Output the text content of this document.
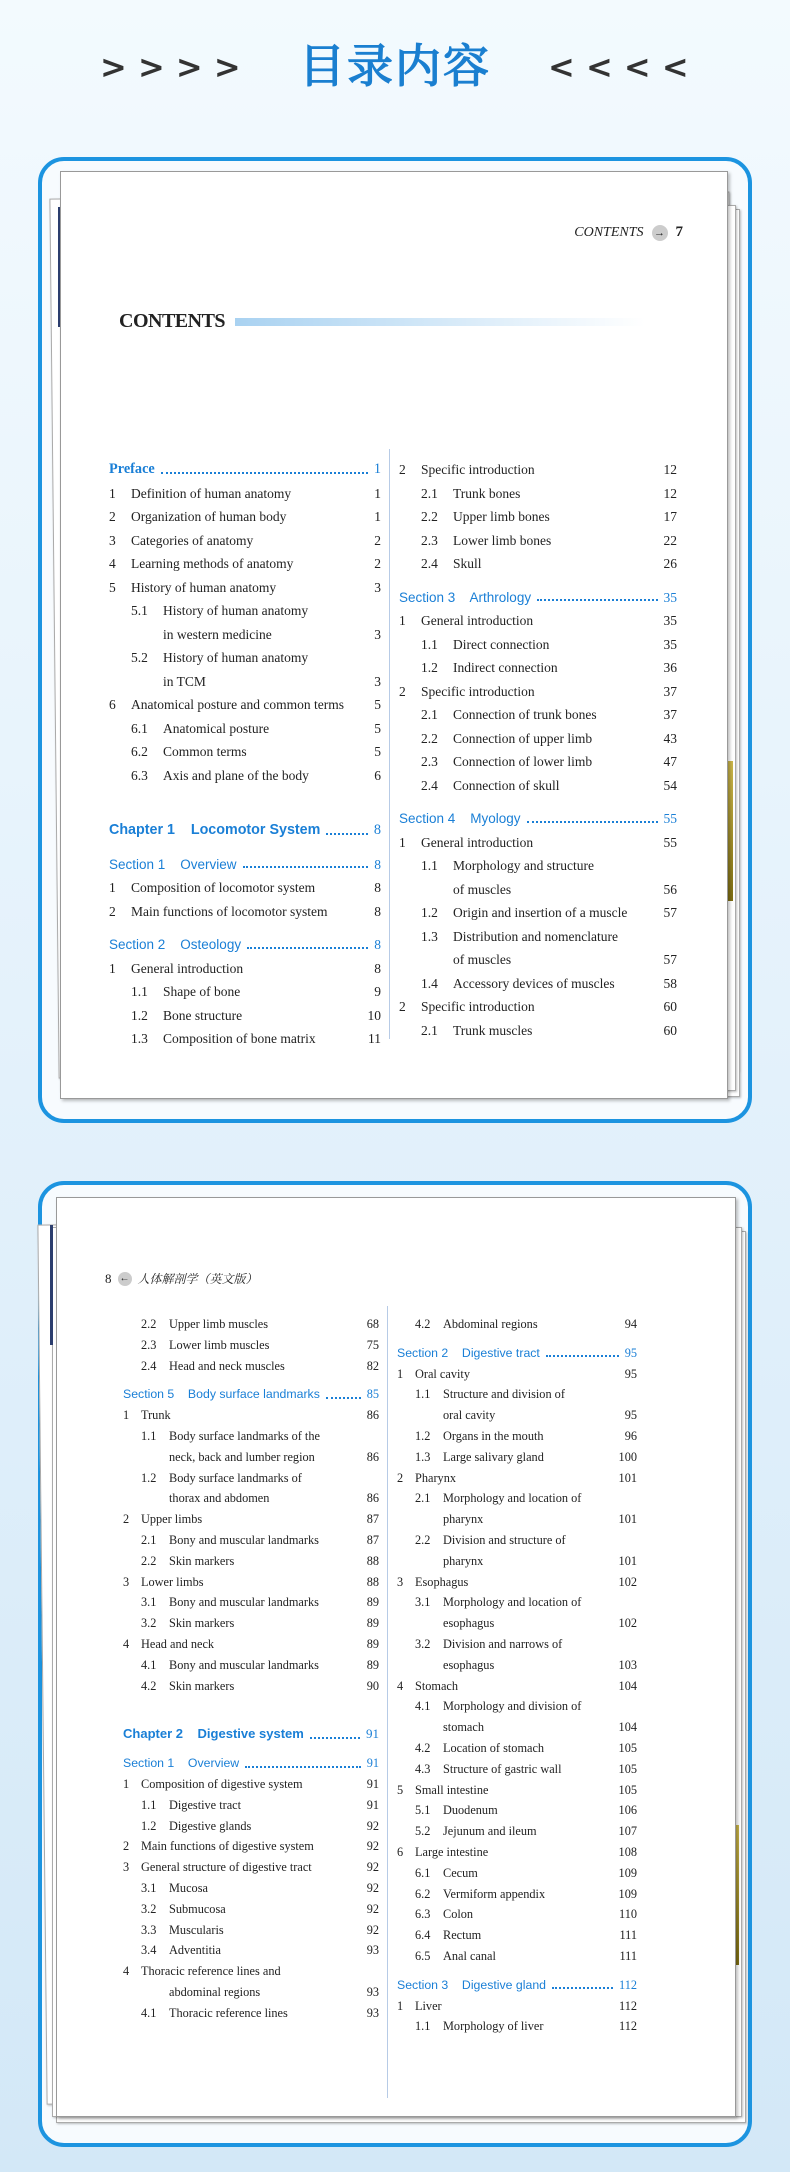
> > > >	目录内容	< < < <
CONTENTS → 7
CONTENTS
Preface	1
1	Definition of human anatomy	1
2	Organization of human body	1
3	Categories of anatomy	2
4	Learning methods of anatomy	2
5	History of human anatomy	3
5.1	History of human anatomy
in western medicine	3
5.2	History of human anatomy
in TCM	3
6	Anatomical posture and common terms 5
6.1	Anatomical posture	5
6.2	Common terms	5
6.3	Axis and plane of the body	6
Chapter 1    Locomotor System	8
Section 1    Overview	8
1	Composition of locomotor system	8
2	Main functions of locomotor system	8
Section 2    Osteology	8
1	General introduction	8
1.1	Shape of bone	9
1.2	Bone structure	10
1.3	Composition of bone matrix	11
2	Specific introduction	12
2.1	Trunk bones	12
2.2	Upper limb bones	17
2.3	Lower limb bones	22
2.4	Skull	26
Section 3    Arthrology	35
1	General introduction	35
1.1	Direct connection	35
1.2	Indirect connection	36
2	Specific introduction	37
2.1	Connection of trunk bones	37
2.2	Connection of upper limb	43
2.3	Connection of lower limb	47
2.4	Connection of skull	54
Section 4    Myology	55
1	General introduction	55
1.1	Morphology and structure
of muscles	56
1.2	Origin and insertion of a muscle	57
1.3	Distribution and nomenclature
of muscles	57
1.4	Accessory devices of muscles	58
2	Specific introduction	60
2.1	Trunk muscles	60
8 ← 人体解剖学（英文版）
2.2	Upper limb muscles	68
2.3	Lower limb muscles	75
2.4	Head and neck muscles	82
Section 5    Body surface landmarks	85
1 Trunk	86
1.1	Body surface landmarks of the
neck, back and lumber region	86
1.2	Body surface landmarks of
thorax and abdomen	86
2 Upper limbs	87
2.1	Bony and muscular landmarks	87
2.2	Skin markers	88
3 Lower limbs	88
3.1	Bony and muscular landmarks	89
3.2	Skin markers	89
4 Head and neck	89
4.1	Bony and muscular landmarks	89
4.2	Skin markers	90
Chapter 2    Digestive system	91
Section 1    Overview	91
1 Composition of digestive system	91
1.1	Digestive tract	91
1.2	Digestive glands	92
2 Main functions of digestive system	92
3 General structure of digestive tract	92
3.1	Mucosa	92
3.2	Submucosa	92
3.3	Muscularis	92
3.4	Adventitia	93
4 Thoracic reference lines and
abdominal regions	93
4.1	Thoracic reference lines	93
4.2	Abdominal regions	94
Section 2    Digestive tract	95
1 Oral cavity	95
1.1	Structure and division of
oral cavity	95
1.2	Organs in the mouth	96
1.3	Large salivary gland	100
2 Pharynx	101
2.1	Morphology and location of
pharynx	101
2.2	Division and structure of
pharynx	101
3 Esophagus	102
3.1	Morphology and location of
esophagus	102
3.2	Division and narrows of
esophagus	103
4 Stomach	104
4.1	Morphology and division of
stomach	104
4.2	Location of stomach	105
4.3	Structure of gastric wall	105
5 Small intestine	105
5.1	Duodenum	106
5.2	Jejunum and ileum	107
6 Large intestine	108
6.1	Cecum	109
6.2	Vermiform appendix	109
6.3	Colon	110
6.4	Rectum	111
6.5	Anal canal	111
Section 3    Digestive gland	112
1 Liver	112
1.1	Morphology of liver	112
